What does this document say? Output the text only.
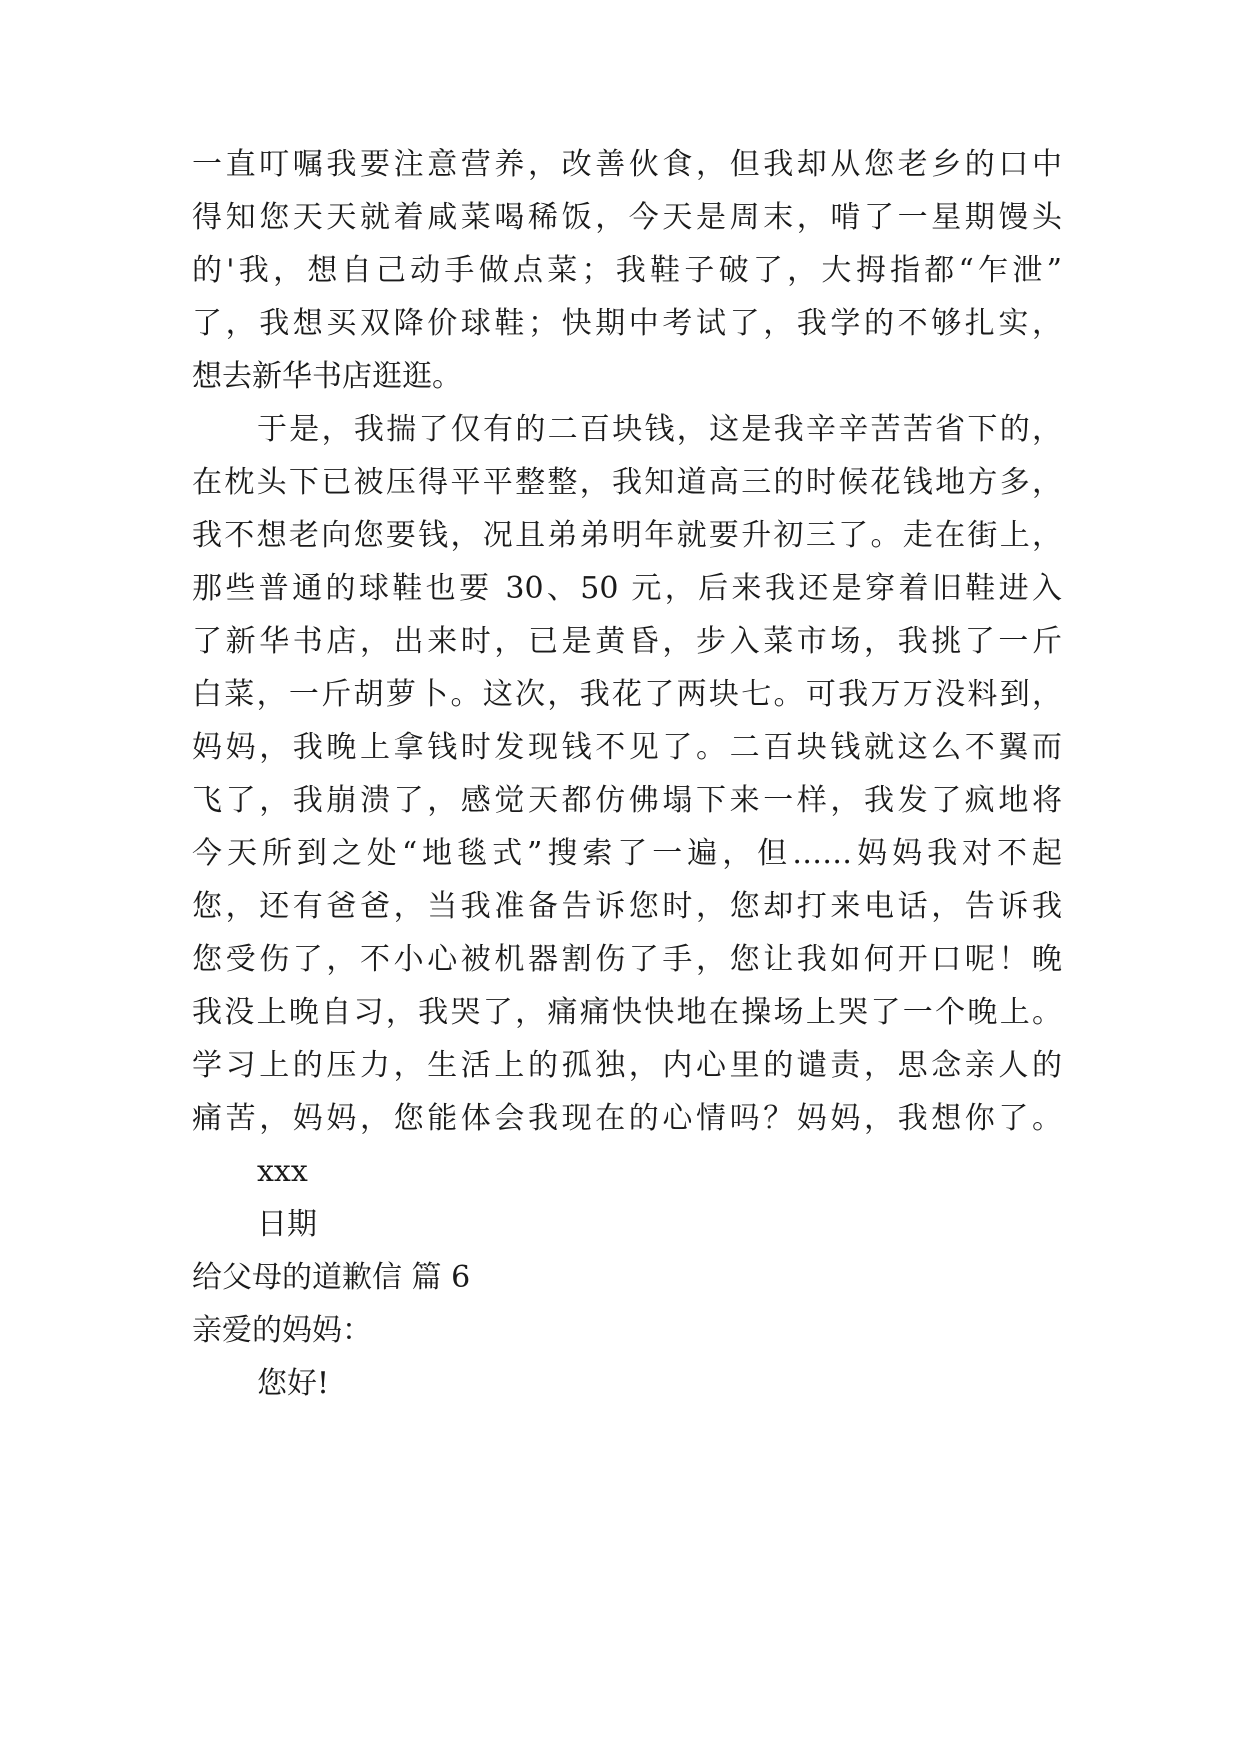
一直叮嘱我要注意营养，改善伙食，但我却从您老乡的口中
得知您天天就着咸菜喝稀饭，今天是周末，啃了一星期馒头
的'我，想自己动手做点菜；我鞋子破了，大拇指都“乍泄”
了，我想买双降价球鞋；快期中考试了，我学的不够扎实，
想去新华书店逛逛。
于是，我揣了仅有的二百块钱，这是我辛辛苦苦省下的，
在枕头下已被压得平平整整，我知道高三的时候花钱地方多，
我不想老向您要钱，况且弟弟明年就要升初三了。走在街上，
那些普通的球鞋也要 30、50 元，后来我还是穿着旧鞋进入
了新华书店，出来时，已是黄昏，步入菜市场，我挑了一斤
白菜，一斤胡萝卜。这次，我花了两块七。可我万万没料到，
妈妈，我晚上拿钱时发现钱不见了。二百块钱就这么不翼而
飞了，我崩溃了，感觉天都仿佛塌下来一样，我发了疯地将
今天所到之处“地毯式”搜索了一遍，但……妈妈我对不起
您，还有爸爸，当我准备告诉您时，您却打来电话，告诉我
您受伤了，不小心被机器割伤了手，您让我如何开口呢！晚
我没上晚自习，我哭了，痛痛快快地在操场上哭了一个晚上。
学习上的压力，生活上的孤独，内心里的谴责，思念亲人的
痛苦，妈妈，您能体会我现在的心情吗？妈妈，我想你了。
xxx
日期
给父母的道歉信 篇 6
亲爱的妈妈：
您好!
